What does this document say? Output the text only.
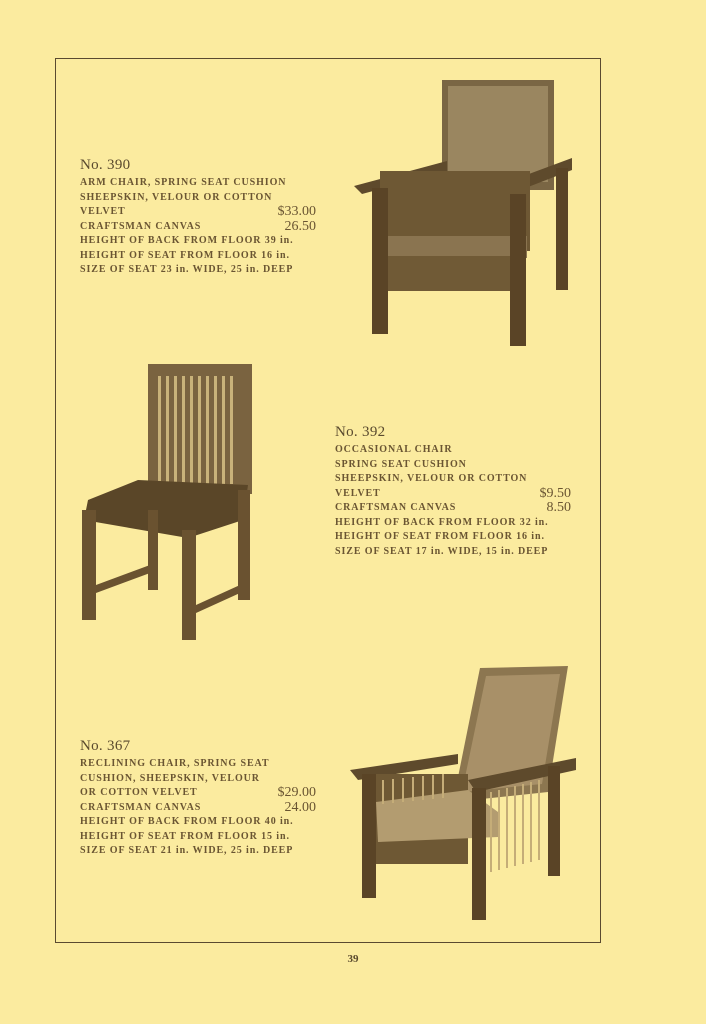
No. 390
ARM CHAIR, SPRING SEAT CUSHION
SHEEPSKIN, VELOUR OR COTTON
VELVET	$33.00
CRAFTSMAN CANVAS	26.50
HEIGHT OF BACK FROM FLOOR 39 in.
HEIGHT OF SEAT FROM FLOOR 16 in.
SIZE OF SEAT 23 in. WIDE, 25 in. DEEP
No. 392
OCCASIONAL CHAIR
SPRING SEAT CUSHION
SHEEPSKIN, VELOUR OR COTTON
VELVET	$9.50
CRAFTSMAN CANVAS	8.50
HEIGHT OF BACK FROM FLOOR 32 in.
HEIGHT OF SEAT FROM FLOOR 16 in.
SIZE OF SEAT 17 in. WIDE, 15 in. DEEP
No. 367
RECLINING CHAIR, SPRING SEAT
CUSHION, SHEEPSKIN, VELOUR
OR COTTON VELVET	$29.00
CRAFTSMAN CANVAS	24.00
HEIGHT OF BACK FROM FLOOR 40 in.
HEIGHT OF SEAT FROM FLOOR 15 in.
SIZE OF SEAT 21 in. WIDE, 25 in. DEEP
39
